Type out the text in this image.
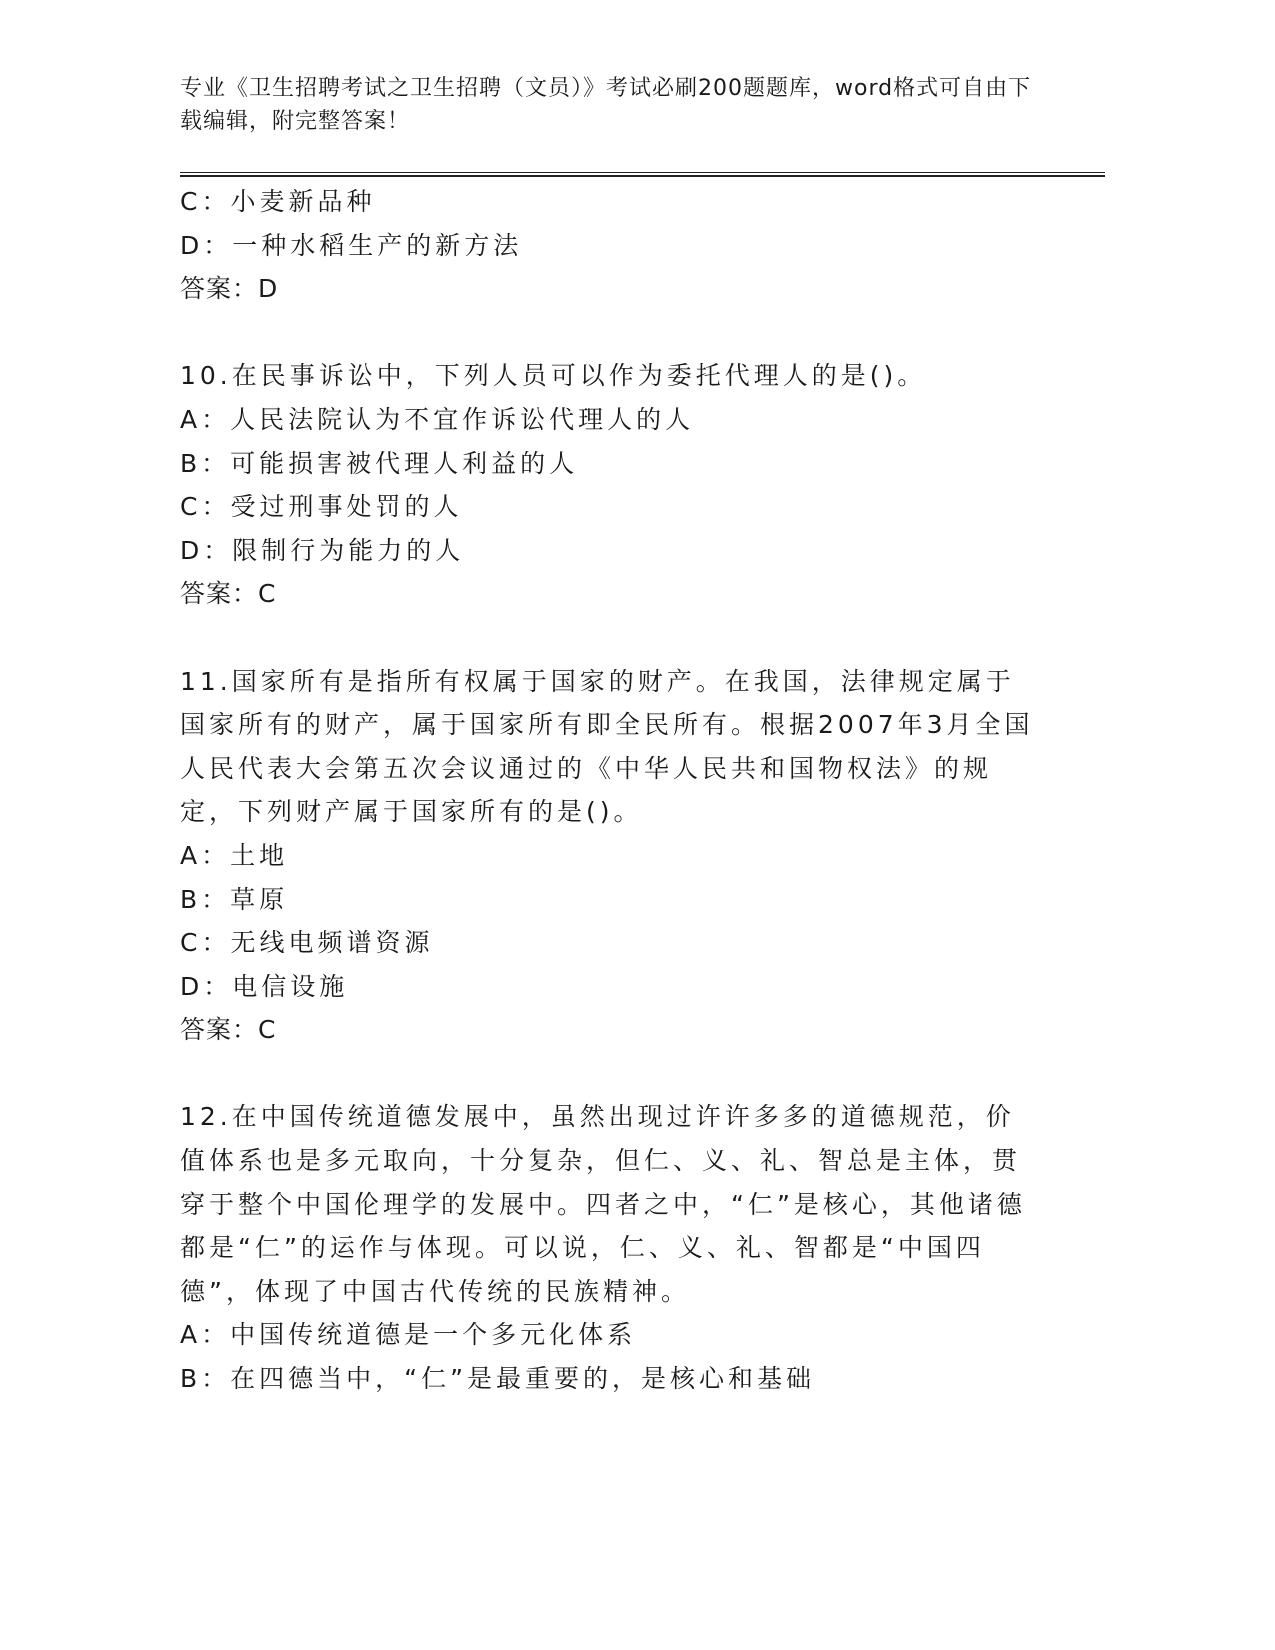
专业《卫生招聘考试之卫生招聘（文员）》考试必刷200题题库，word格式可自由下载编辑，附完整答案！
C：小麦新品种
D：一种水稻生产的新方法
答案：D
10.在民事诉讼中，下列人员可以作为委托代理人的是()。
A：人民法院认为不宜作诉讼代理人的人
B：可能损害被代理人利益的人
C：受过刑事处罚的人
D：限制行为能力的人
答案：C
11.国家所有是指所有权属于国家的财产。在我国，法律规定属于国家所有的财产，属于国家所有即全民所有。根据2007年3月全国人民代表大会第五次会议通过的《中华人民共和国物权法》的规定，下列财产属于国家所有的是()。
A：土地
B：草原
C：无线电频谱资源
D：电信设施
答案：C
12.在中国传统道德发展中，虽然出现过许许多多的道德规范，价值体系也是多元取向，十分复杂，但仁、义、礼、智总是主体，贯穿于整个中国伦理学的发展中。四者之中，“仁”是核心，其他诸德都是“仁”的运作与体现。可以说，仁、义、礼、智都是“中国四德”，体现了中国古代传统的民族精神。
A：中国传统道德是一个多元化体系
B：在四德当中，“仁”是最重要的，是核心和基础
